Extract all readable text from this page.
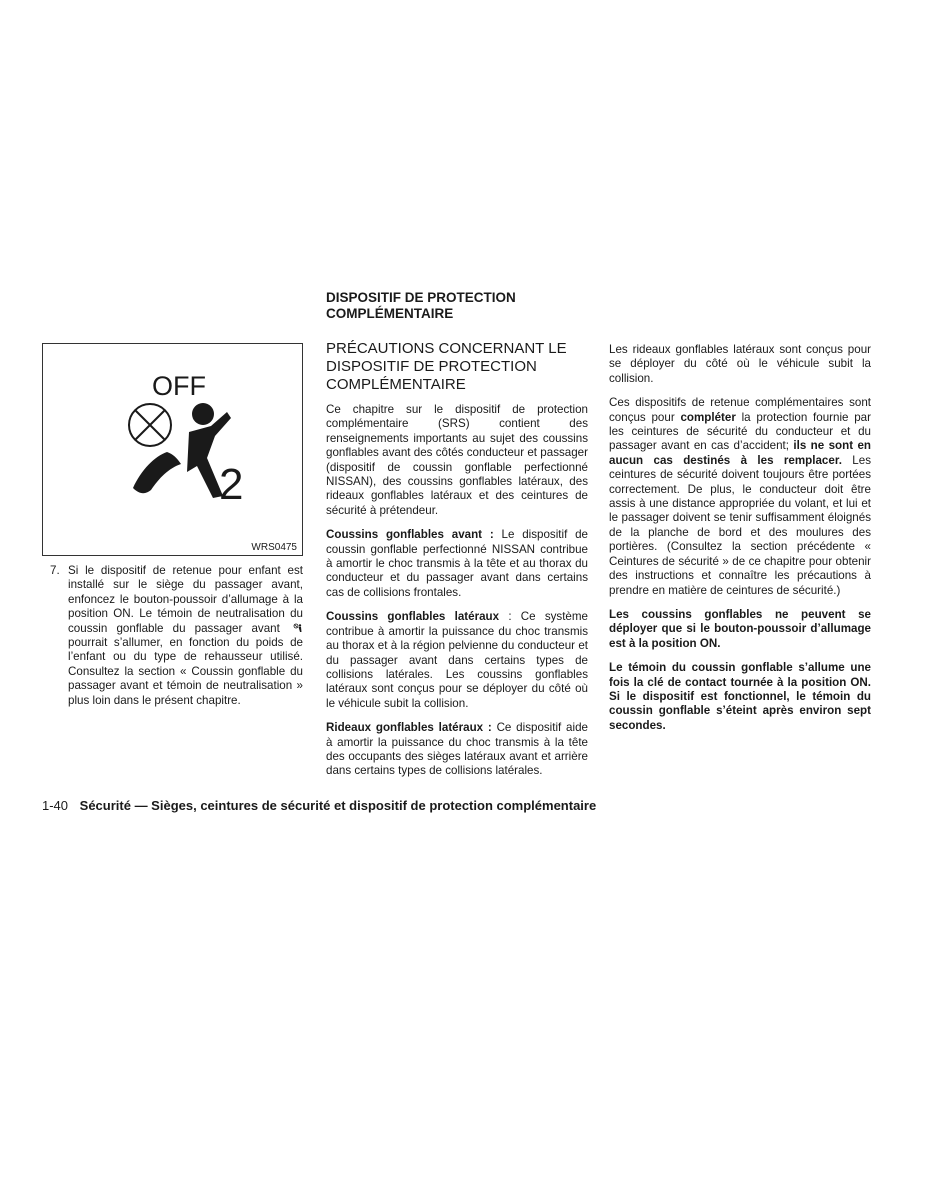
OFF
2
WRS0475
7. Si le dispositif de retenue pour enfant est installé sur le siège du passager avant, enfoncez le bouton-poussoir d’allumage à la position ON. Le témoin de neutralisation du coussin gonflable du passager avant  pourrait s’allumer, en fonction du poids de l’enfant ou du type de rehausseur utilisé. Consultez la section « Coussin gonflable du passager avant et témoin de neutralisation » plus loin dans le présent chapitre.
DISPOSITIF DE PROTECTION COMPLÉMENTAIRE
PRÉCAUTIONS CONCERNANT LE DISPOSITIF DE PROTECTION COMPLÉMENTAIRE

Ce chapitre sur le dispositif de protection complémentaire (SRS) contient des renseignements importants au sujet des coussins gonflables avant des côtés conducteur et passager (dispositif de coussin gonflable perfectionné NISSAN), des coussins gonflables latéraux, des rideaux gonflables latéraux et des ceintures de sécurité à prétendeur.

Coussins gonflables avant : Le dispositif de coussin gonflable perfectionné NISSAN contribue à amortir le choc transmis à la tête et au thorax du conducteur et du passager avant dans certains cas de collisions frontales.

Coussins gonflables latéraux : Ce système contribue à amortir la puissance du choc transmis au thorax et à la région pelvienne du conducteur et du passager avant dans certains types de collisions latérales. Les coussins gonflables latéraux sont conçus pour se déployer du côté où le véhicule subit la collision.

Rideaux gonflables latéraux : Ce dispositif aide à amortir la puissance du choc transmis à la tête des occupants des sièges latéraux avant et arrière dans certains types de collisions latérales.

Les rideaux gonflables latéraux sont conçus pour se déployer du côté où le véhicule subit la collision.

Ces dispositifs de retenue complémentaires sont conçus pour compléter la protection fournie par les ceintures de sécurité du conducteur et du passager avant en cas d’accident; ils ne sont en aucun cas destinés à les remplacer. Les ceintures de sécurité doivent toujours être portées correctement. De plus, le conducteur doit être assis à une distance appropriée du volant, et lui et le passager doivent se tenir suffisamment éloignés de la planche de bord et des moulures des portières. (Consultez la section précédente « Ceintures de sécurité » de ce chapitre pour obtenir des instructions et connaître les précautions à prendre en matière de ceintures de sécurité.)

Les coussins gonflables ne peuvent se déployer que si le bouton-poussoir d’allumage est à la position ON.

Le témoin du coussin gonflable s’allume une fois la clé de contact tournée à la position ON. Si le dispositif est fonctionnel, le témoin du coussin gonflable s’éteint après environ sept secondes.

1-40 Sécurité — Sièges, ceintures de sécurité et dispositif de protection complémentaire
